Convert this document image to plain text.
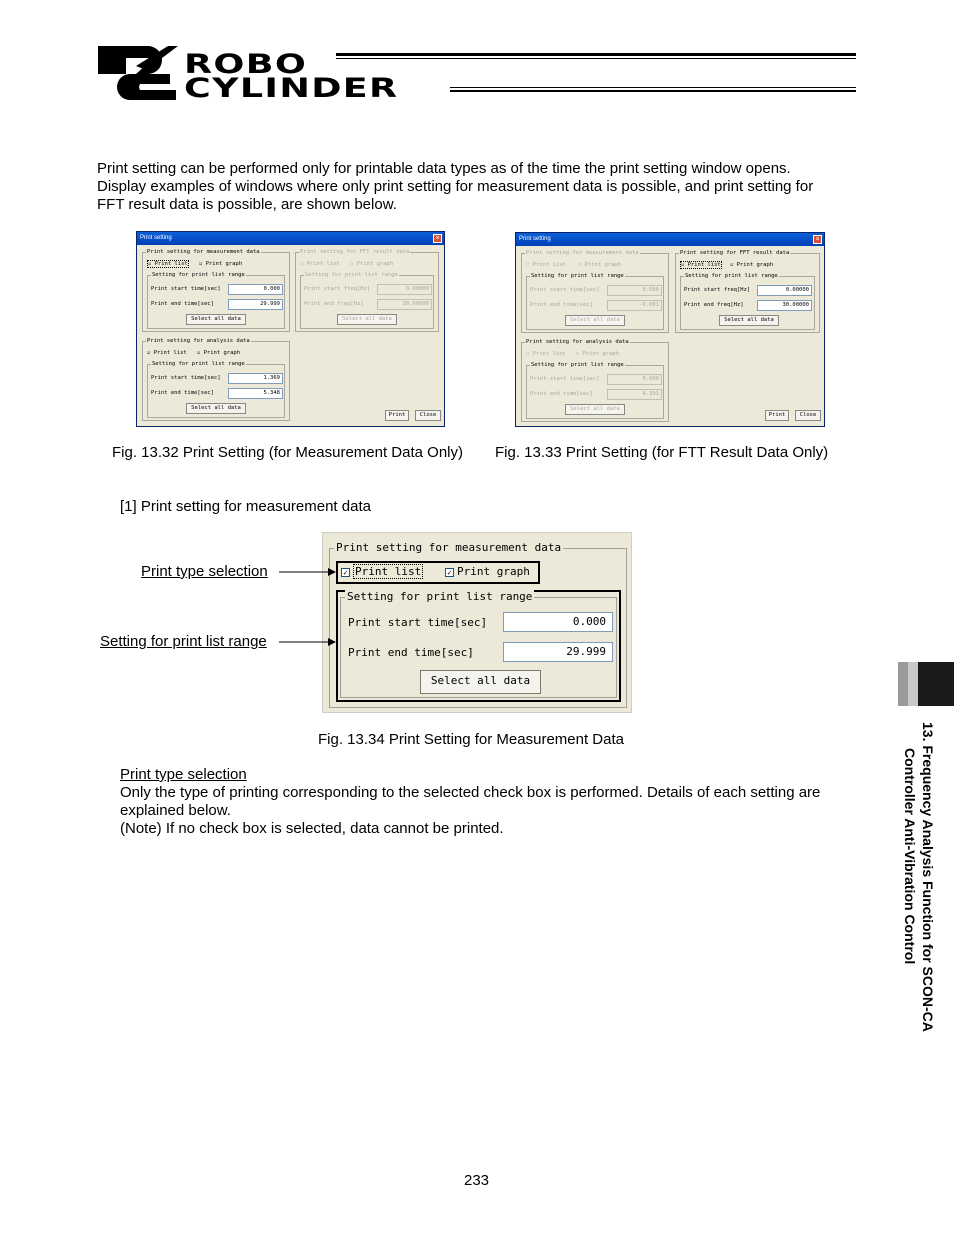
ROBO
CYLINDER
Print setting can be performed only for printable data types as of the time the print setting window opens.
Display examples of windows where only print setting for measurement data is possible, and print setting for
FFT result data is possible, are shown below.
Print setting	×
Print setting for measurement data
☑ Print list ☑ Print graph
Setting for print list range
Print start time[sec]	0.000
Print end time[sec]	29.999
Select all data
Print setting for FFT result data
☐ Print list ☐ Print graph
Setting for print list range
Print start freq[Hz]	0.00000
Print end freq[Hz]	30.00000
Select all data
Print setting for analysis data
☑ Print list ☑ Print graph
Setting for print list range
Print start time[sec]	1.369
Print end time[sec]	5.348
Select all data
Print	Close
Print setting	×
Print setting for measurement data
☐ Print list ☐ Print graph
Setting for print list range
Print start time[sec]	0.000
Print end time[sec]	-0.001
Select all data
Print setting for FFT result data
☑ Print list ☑ Print graph
Setting for print list range
Print start freq[Hz]	0.00000
Print end freq[Hz]	30.00000
Select all data
Print setting for analysis data
☐ Print list ☐ Print graph
Setting for print list range
Print start time[sec]	0.000
Print end time[sec]	4.391
Select all data
Print	Close
Fig. 13.32 Print Setting (for Measurement Data Only) Fig. 13.33 Print Setting (for FTT Result Data Only)
[1] Print setting for measurement data
Print setting for measurement data
✓ Print list	✓ Print graph
Setting for print list range
Print start time[sec]	0.000
Print end time[sec]	29.999
Select all data
Print type selection
Setting for print list range
Fig. 13.34 Print Setting for Measurement Data
Print type selection
Only the type of printing corresponding to the selected check box is performed. Details of each setting are
explained below.
(Note) If no check box is selected, data cannot be printed.	13. Frequency Analysis Function for SCON-CA
Controller Anti-Vibration Control
233
